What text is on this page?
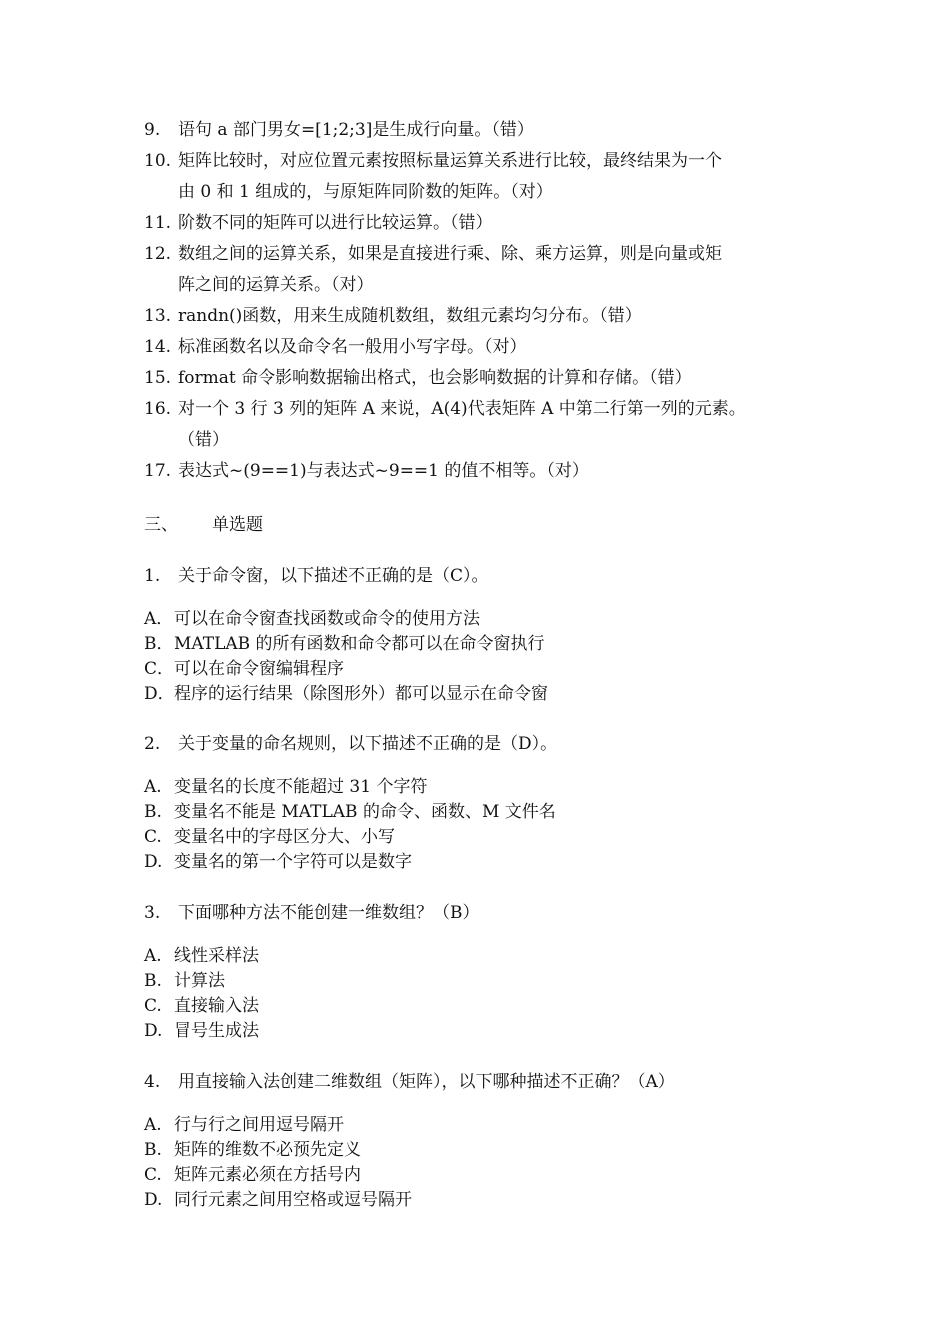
9.	语句 a 部门男女=[1;2;3]是生成行向量。（错）
10. 矩阵比较时，对应位置元素按照标量运算关系进行比较，最终结果为一个
由 0 和 1 组成的，与原矩阵同阶数的矩阵。（对）
11. 阶数不同的矩阵可以进行比较运算。（错）
12. 数组之间的运算关系，如果是直接进行乘、除、乘方运算，则是向量或矩
阵之间的运算关系。（对）
13. randn()函数，用来生成随机数组，数组元素均匀分布。（错）
14. 标准函数名以及命令名一般用小写字母。（对）
15. format 命令影响数据输出格式，也会影响数据的计算和存储。（错）
16. 对一个 3 行 3 列的矩阵 A 来说，A(4)代表矩阵 A 中第二行第一列的元素。
（错）
17. 表达式~(9==1)与表达式~9==1 的值不相等。（对）
三、 单选题
1.	关于命令窗，以下描述不正确的是（C）。
A．可以在命令窗查找函数或命令的使用方法
B．MATLAB 的所有函数和命令都可以在命令窗执行
C．可以在命令窗编辑程序
D．程序的运行结果（除图形外）都可以显示在命令窗
2.	关于变量的命名规则，以下描述不正确的是（D）。
A. 变量名的长度不能超过 31 个字符
B. 变量名不能是 MATLAB 的命令、函数、M 文件名
C. 变量名中的字母区分大、小写
D. 变量名的第一个字符可以是数字
3.	下面哪种方法不能创建一维数组？（B）
A. 线性采样法
B. 计算法
C. 直接输入法
D. 冒号生成法
4.	用直接输入法创建二维数组（矩阵），以下哪种描述不正确？（A）
A. 行与行之间用逗号隔开
B. 矩阵的维数不必预先定义
C. 矩阵元素必须在方括号内
D. 同行元素之间用空格或逗号隔开
